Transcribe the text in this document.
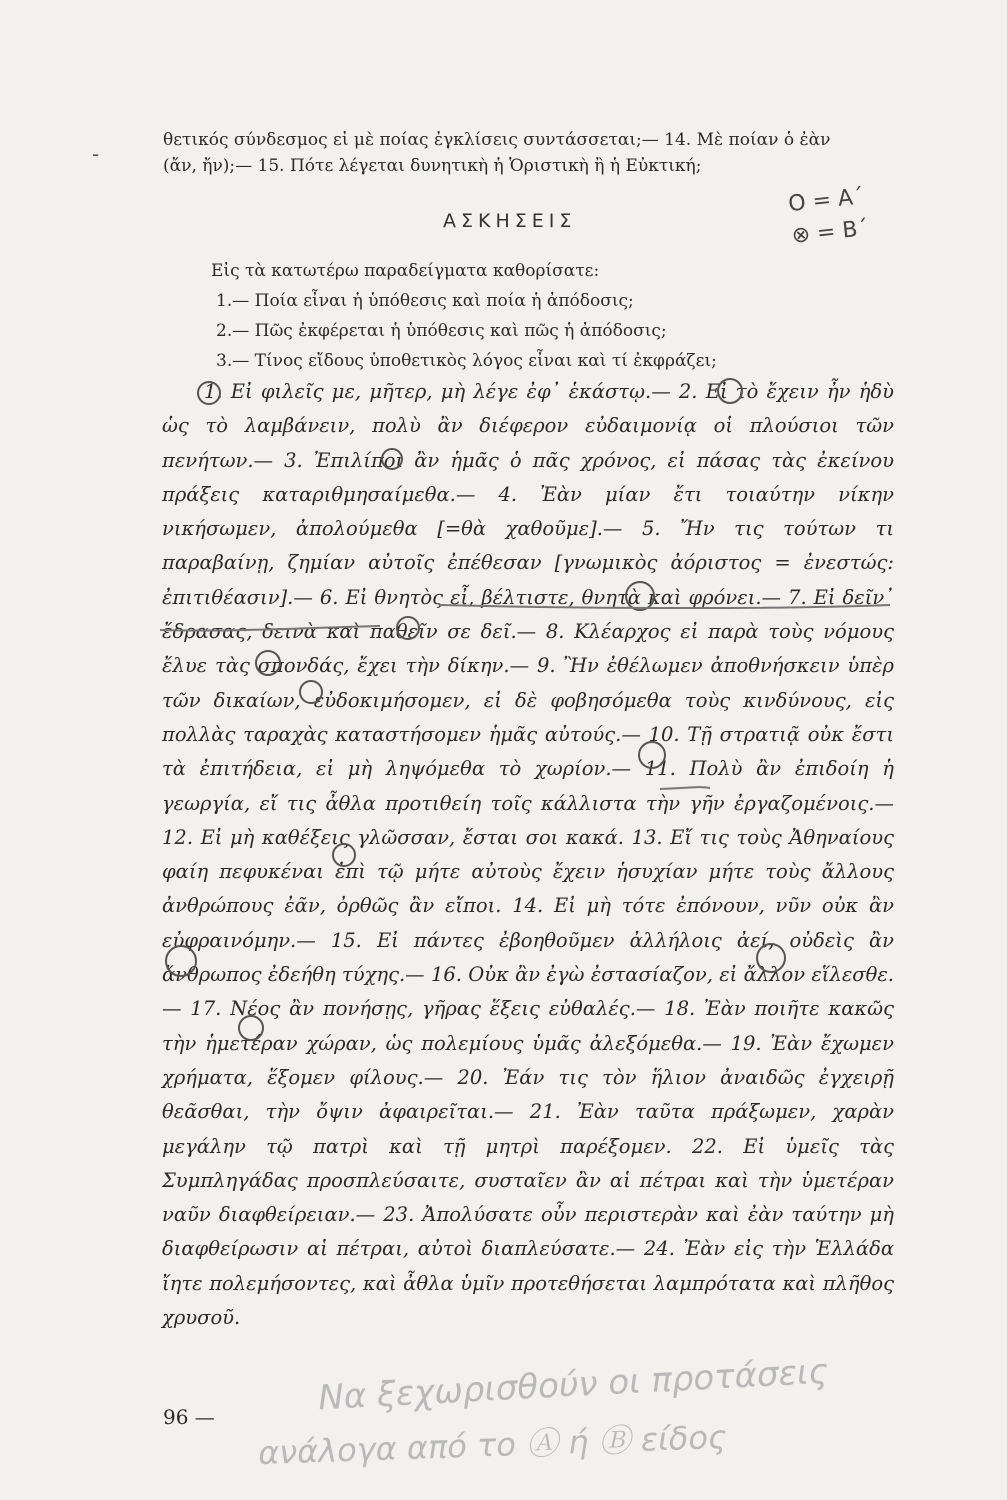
‐

θετικός σύνδεσμος εἰ μὲ ποίας ἐγκλίσεις συντάσσεται;— 14. Μὲ ποίαν ὁ ἐὰν

(ἄν, ἤν);— 15. Πότε λέγεται δυνητικὴ ἡ Ὁριστικὴ ἢ ἡ Εὐκτική;

ΑΣΚΗΣΕΙΣ
O = A΄
⊗ = B΄

Εἰς τὰ κατωτέρω παραδείγματα καθορίσατε:

1.— Ποία εἶναι ἡ ὑπόθεσις καὶ ποία ἡ ἀπόδοσις;

2.— Πῶς ἐκφέρεται ἡ ὑπόθεσις καὶ πῶς ἡ ἀπόδοσις;

3.— Τίνος εἴδους ὑποθετικὸς λόγος εἶναι καὶ τί ἐκφράζει;

1. Εἰ φιλεῖς με, μῆτερ, μὴ λέγε ἐφ᾽ ἑκάστῳ.— 2. Εἰ τὸ ἔχειν ἦν ἡδὺ ὡς τὸ λαμβάνειν, πολὺ ἂν διέφερον εὐδαιμονίᾳ οἱ πλούσιοι τῶν πενήτων.— 3. Ἐπιλίποι ἂν ἡμᾶς ὁ πᾶς χρόνος, εἰ πάσας τὰς ἐκείνου πράξεις καταριθμησαίμεθα.— 4. Ἐὰν μίαν ἔτι τοιαύτην νίκην νικήσωμεν, ἀπολούμεθα [=θὰ χαθοῦμε].— 5. Ἤν τις τούτων τι παραβαίνῃ, ζημίαν αὐτοῖς ἐπέθεσαν [γνωμικὸς ἀόριστος = ἐνεστώς: ἐπιτιθέασιν].— 6. Εἰ θνητὸς εἶ, βέλτιστε, θνητὰ καὶ φρόνει.— 7. Εἰ δεῖν᾽ ἔδρασας, δεινὰ καὶ παθεῖν σε δεῖ.— 8. Κλέαρχος εἰ παρὰ τοὺς νόμους ἔλυε τὰς σπονδάς, ἔχει τὴν δίκην.— 9. Ἢν ἐθέλωμεν ἀποθνήσκειν ὑπὲρ τῶν δικαίων, εὐδοκιμήσομεν, εἰ δὲ φοβησόμεθα τοὺς κινδύνους, εἰς πολλὰς ταραχὰς καταστήσομεν ἡμᾶς αὐτούς.— 10. Τῇ στρατιᾷ οὐκ ἔστι τὰ ἐπιτήδεια, εἰ μὴ ληψόμεθα τὸ χωρίον.— 11. Πολὺ ἂν ἐπιδοίη ἡ γεωργία, εἴ τις ἆθλα προτιθείη τοῖς κάλλιστα τὴν γῆν ἐργαζομένοις.— 12. Εἰ μὴ καθέξεις γλῶσσαν, ἔσται σοι κακά. 13. Εἴ τις τοὺς Ἀθηναίους φαίη πεφυκέναι ἐπὶ τῷ μήτε αὐτοὺς ἔχειν ἡσυχίαν μήτε τοὺς ἄλλους ἀνθρώπους ἐᾶν, ὀρθῶς ἂν εἴποι. 14. Εἰ μὴ τότε ἐπόνουν, νῦν οὐκ ἂν εὐφραινόμην.— 15. Εἰ πάντες ἐβοηθοῦμεν ἀλλήλοις ἀεί, οὐδεὶς ἂν ἄνθρωπος ἐδεήθη τύχης.— 16. Οὐκ ἂν ἐγὼ ἐστασίαζον, εἰ ἄλλον εἵλεσθε.— 17. Νέος ἂν πονήσῃς, γῆρας ἕξεις εὐθαλές.— 18. Ἐὰν ποιῆτε κακῶς τὴν ἡμετέραν χώραν, ὡς πολεμίους ὑμᾶς ἀλεξόμεθα.— 19. Ἐὰν ἔχωμεν χρήματα, ἕξομεν φίλους.— 20. Ἐάν τις τὸν ἥλιον ἀναιδῶς ἐγχειρῇ θεᾶσθαι, τὴν ὄψιν ἀφαιρεῖται.— 21. Ἐὰν ταῦτα πράξωμεν, χαρὰν μεγάλην τῷ πατρὶ καὶ τῇ μητρὶ παρέξομεν. 22. Εἰ ὑμεῖς τὰς Συμπληγάδας προσπλεύσαιτε, συσταῖεν ἂν αἱ πέτραι καὶ τὴν ὑμετέραν ναῦν διαφθείρειαν.— 23. Ἀπολύσατε οὖν περιστερὰν καὶ ἐὰν ταύτην μὴ διαφθείρωσιν αἱ πέτραι, αὐτοὶ διαπλεύσατε.— 24. Ἐὰν εἰς τὴν Ἑλλάδα ἴητε πολεμήσοντες, καὶ ἆθλα ὑμῖν προτεθήσεται λαμπρότατα καὶ πλῆθος χρυσοῦ.

96 —	Να ξεχωρισθούν οι προτάσεις
ανάλογα από το Ⓐ ή Ⓑ είδος
